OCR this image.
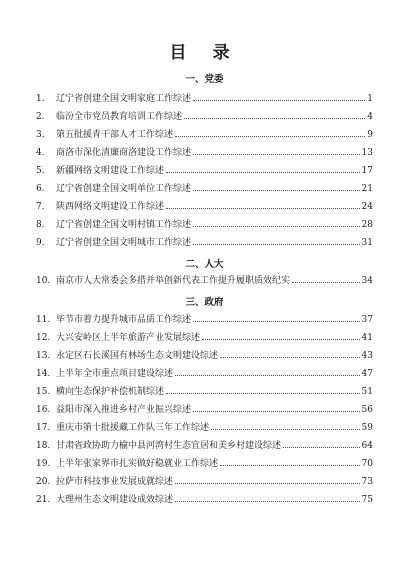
目 录
一、党委
1.	辽宁省创建全国文明家庭工作综述	1
2.	临汾全市党员教育培训工作综述	4
3.	第五批援青干部人才工作综述	9
4.	商洛市深化清廉商洛建设工作综述	13
5.	新疆网络文明建设工作综述	17
6.	辽宁省创建全国文明单位工作综述	21
7.	陕西网络文明建设工作综述	24
8.	辽宁省创建全国文明村镇工作综述	28
9.	辽宁省创建全国文明城市工作综述	31
二、人大
10. 南京市人大常委会多措并举创新代表工作提升履职质效纪实	34
三、政府
11. 毕节市着力提升城市品质工作综述	37
12. 大兴安岭区上半年旅游产业发展综述	41
13. 永定区石长溪国有林场生态文明建设综述	43
14. 上半年全市重点项目建设综述	47
15. 横向生态保护补偿机制综述	51
16. 益阳市深入推进乡村产业振兴综述	56
17. 重庆市第十批援藏工作队三年工作综述	59
18. 甘肃省政协助力榆中县河湾村生态宜居和美乡村建设综述	64
19. 上半年张家界市扎实做好稳就业工作综述	70
20. 拉萨市科技事业发展成就综述	73
21. 大理州生态文明建设成效综述	75
